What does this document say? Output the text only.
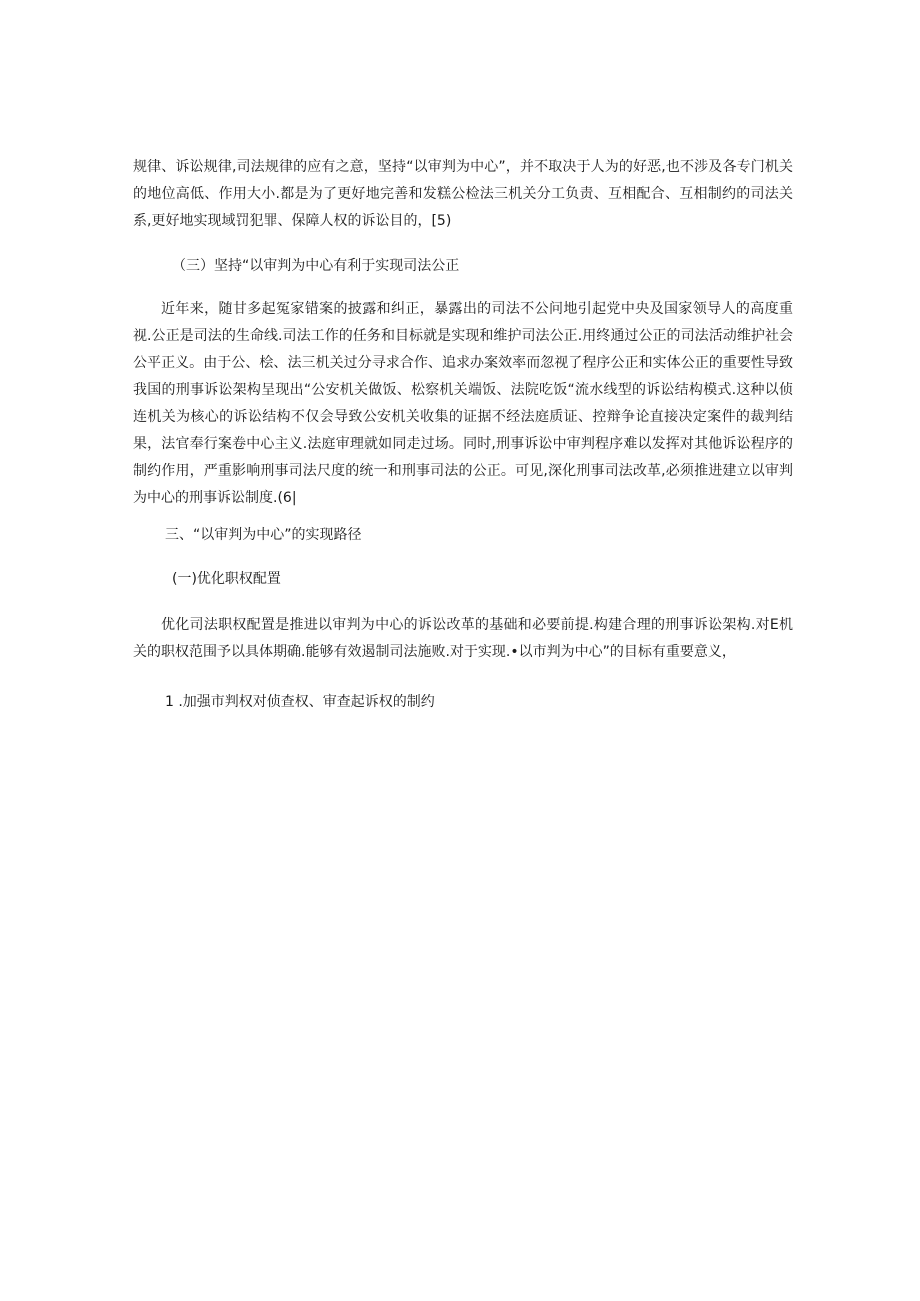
规律、诉讼规律,司法规律的应有之意，坚持“以审判为中心”，并不取决于人为的好恶,也不涉及各专门机关的地位高低、作用大小.都是为了更好地完善和发糕公检法三机关分工负责、互相配合、互相制约的司法关系,更好地实现域罚犯罪、保障人权的诉讼目的，[5)

（三）坚持“以审判为中心有利于实现司法公正

近年来，随甘多起冤家错案的披露和纠正，暴露出的司法不公问地引起党中央及国家领导人的高度重视.公正是司法的生命线.司法工作的任务和目标就是实现和维护司法公正.用终通过公正的司法活动维护社会公平正义。由于公、桧、法三机关过分寻求合作、追求办案效率而忽视了程序公正和实体公正的重要性导致我国的刑事诉讼架构呈现出“公安机关做饭、松察机关端饭、法院吃饭“流水线型的诉讼结构模式.这种以侦连机关为核心的诉讼结构不仅会导致公安机关收集的证据不经法庭质证、控辩争论直接决定案件的裁判结果，法官奉行案卷中心主义.法庭审理就如同走过场。同时,刑事诉讼中审判程序难以发挥对其他诉讼程序的制约作用，严重影响刑事司法尺度的统一和刑事司法的公正。可见,深化刑事司法改革,必须推进建立以审判为中心的刑事诉讼制度.(6|

三、“以审判为中心”的实现路径

(一)优化职权配置

优化司法职权配置是推进以审判为中心的诉讼改革的基础和必要前提.构建合理的刑事诉讼架构.对E机关的职权范围予以具体期确.能够有效遏制司法施败.对于实现.•以市判为中心”的目标有重要意义，

1 .加强市判权对侦查权、审查起诉权的制约
